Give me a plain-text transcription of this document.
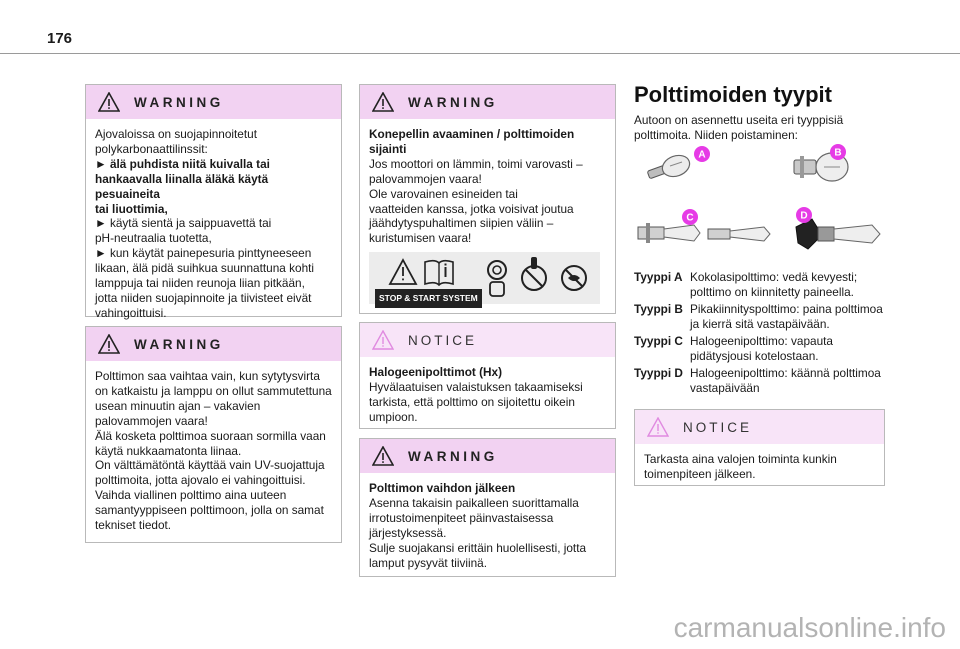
176
WARNING

Ajovaloissa on suojapinnoitetut

polykarbonaattilinssit:

► älä puhdista niitä kuivalla tai

hankaavalla liinalla äläkä käytä pesuaineita

tai liuottimia,

► käytä sientä ja saippuavettä tai

pH-neutraalia tuotetta,

► kun käytät painepesuria pinttyneeseen

likaan, älä pidä suihkua suunnattuna kohti

lamppuja tai niiden reunoja liian pitkään,

jotta niiden suojapinnoite ja tiivisteet eivät

vahingoittuisi.

WARNING

Polttimon saa vaihtaa vain, kun sytytysvirta

on katkaistu ja lamppu on ollut sammutettuna

usean minuutin ajan – vakavien

palovammojen vaara!

Älä kosketa polttimoa suoraan sormilla vaan

käytä nukkaamatonta liinaa.

On välttämätöntä käyttää vain UV-suojattuja

polttimoita, jotta ajovalo ei vahingoittuisi.

Vaihda viallinen polttimo aina uuteen

samantyyppiseen polttimoon, jolla on samat

tekniset tiedot.

WARNING

Konepellin avaaminen / polttimoiden

sijainti

Jos moottori on lämmin, toimi varovasti –

palovammojen vaara!

Ole varovainen esineiden tai

vaatteiden kanssa, jotka voisivat joutua

jäähdytyspuhaltimen siipien väliin –

kuristumisen vaara!

STOP & START SYSTEM
NOTICE

Halogeenipolttimot (Hx)

Hyvälaatuisen valaistuksen takaamiseksi

tarkista, että polttimo on sijoitettu oikein

umpioon.

WARNING

Polttimon vaihdon jälkeen

Asenna takaisin paikalleen suorittamalla

irrotustoimenpiteet päinvastaisessa

järjestyksessä.

Sulje suojakansi erittäin huolellisesti, jotta

lamput pysyvät tiiviinä.

Polttimoiden tyypit

Autoon on asennettu useita eri tyyppisiä

polttimoita. Niiden poistaminen:

A	B
C	D
Tyyppi A Kokolasipolttimo: vedä kevyesti;

polttimo on kiinnitetty paineella.

Tyyppi B Pikakiinnityspolttimo: paina polttimoa

ja kierrä sitä vastapäivään.

Tyyppi C Halogeenipolttimo: vapauta

pidätysjousi kotelostaan.

Tyyppi D Halogeenipolttimo: käännä polttimoa

vastapäivään

NOTICE

Tarkasta aina valojen toiminta kunkin

toimenpiteen jälkeen.

carmanualsonline.info
